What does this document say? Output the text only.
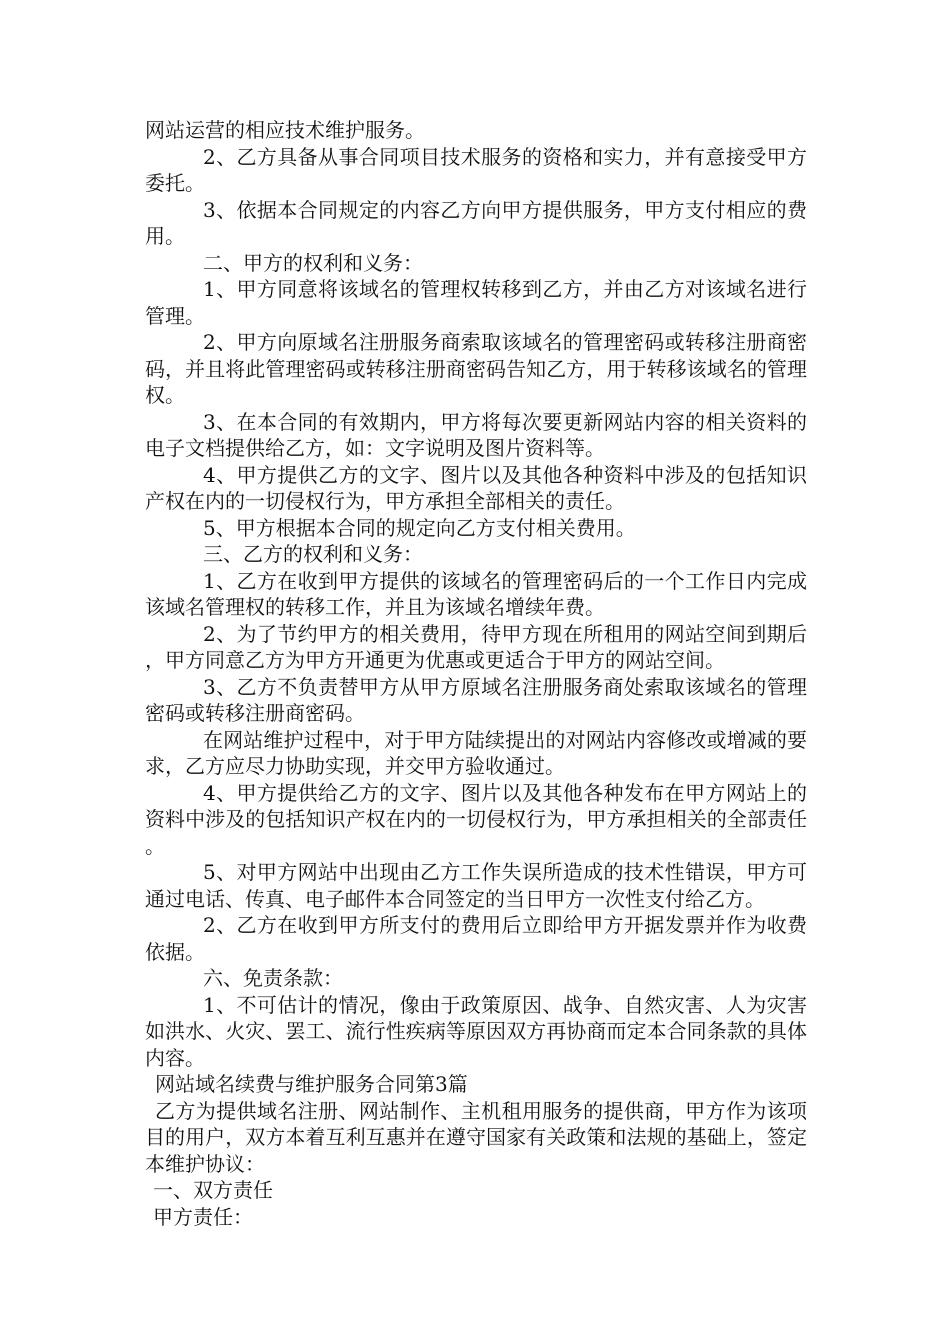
网站运营的相应技术维护服务。

2、乙方具备从事合同项目技术服务的资格和实力，并有意接受甲方委托。

3、依据本合同规定的内容乙方向甲方提供服务，甲方支付相应的费用。

二、甲方的权利和义务：

1、甲方同意将该域名的管理权转移到乙方，并由乙方对该域名进行管理。

2、甲方向原域名注册服务商索取该域名的管理密码或转移注册商密码，并且将此管理密码或转移注册商密码告知乙方，用于转移该域名的管理权。

3、在本合同的有效期内，甲方将每次要更新网站内容的相关资料的电子文档提供给乙方，如：文字说明及图片资料等。

4、甲方提供乙方的文字、图片以及其他各种资料中涉及的包括知识产权在内的一切侵权行为，甲方承担全部相关的责任。

5、甲方根据本合同的规定向乙方支付相关费用。

三、乙方的权利和义务：

1、乙方在收到甲方提供的该域名的管理密码后的一个工作日内完成该域名管理权的转移工作，并且为该域名增续年费。

2、为了节约甲方的相关费用，待甲方现在所租用的网站空间到期后，甲方同意乙方为甲方开通更为优惠或更适合于甲方的网站空间。

3、乙方不负责替甲方从甲方原域名注册服务商处索取该域名的管理密码或转移注册商密码。

在网站维护过程中，对于甲方陆续提出的对网站内容修改或增减的要求，乙方应尽力协助实现，并交甲方验收通过。

4、甲方提供给乙方的文字、图片以及其他各种发布在甲方网站上的资料中涉及的包括知识产权在内的一切侵权行为，甲方承担相关的全部责任。

5、对甲方网站中出现由乙方工作失误所造成的技术性错误，甲方可通过电话、传真、电子邮件本合同签定的当日甲方一次性支付给乙方。

2、乙方在收到甲方所支付的费用后立即给甲方开据发票并作为收费依据。

六、免责条款：

1、不可估计的情况，像由于政策原因、战争、自然灾害、人为灾害如洪水、火灾、罢工、流行性疾病等原因双方再协商而定本合同条款的具体内容。

网站域名续费与维护服务合同第3篇

乙方为提供域名注册、网站制作、主机租用服务的提供商，甲方作为该项目的用户，双方本着互利互惠并在遵守国家有关政策和法规的基础上，签定本维护协议：

一、双方责任

甲方责任：
